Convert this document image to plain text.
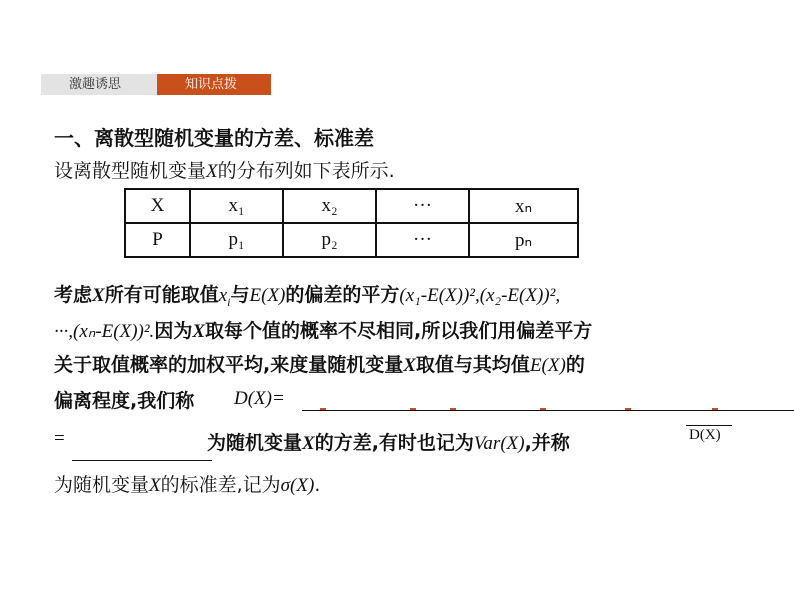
激趣诱思	知识点拨
一、离散型随机变量的方差、标准差
设离散型随机变量X的分布列如下表所示.
X	x₁	x₂	···	xₙ
P	p₁	p₂	···	pₙ
考虑X所有可能取值$x_i$与E(X)的偏差的平方(x₁-E(X))²,(x₂-E(X))²,
···,(xₙ-E(X))².因为X取每个值的概率不尽相同,所以我们用偏差平方
关于取值概率的加权平均,来度量随机变量X取值与其均值E(X)的
偏离程度,我们称 D(X)=
=	为随机变量X的方差,有时也记为Var(X),并称	D(X)
为随机变量X的标准差,记为σ(X).
